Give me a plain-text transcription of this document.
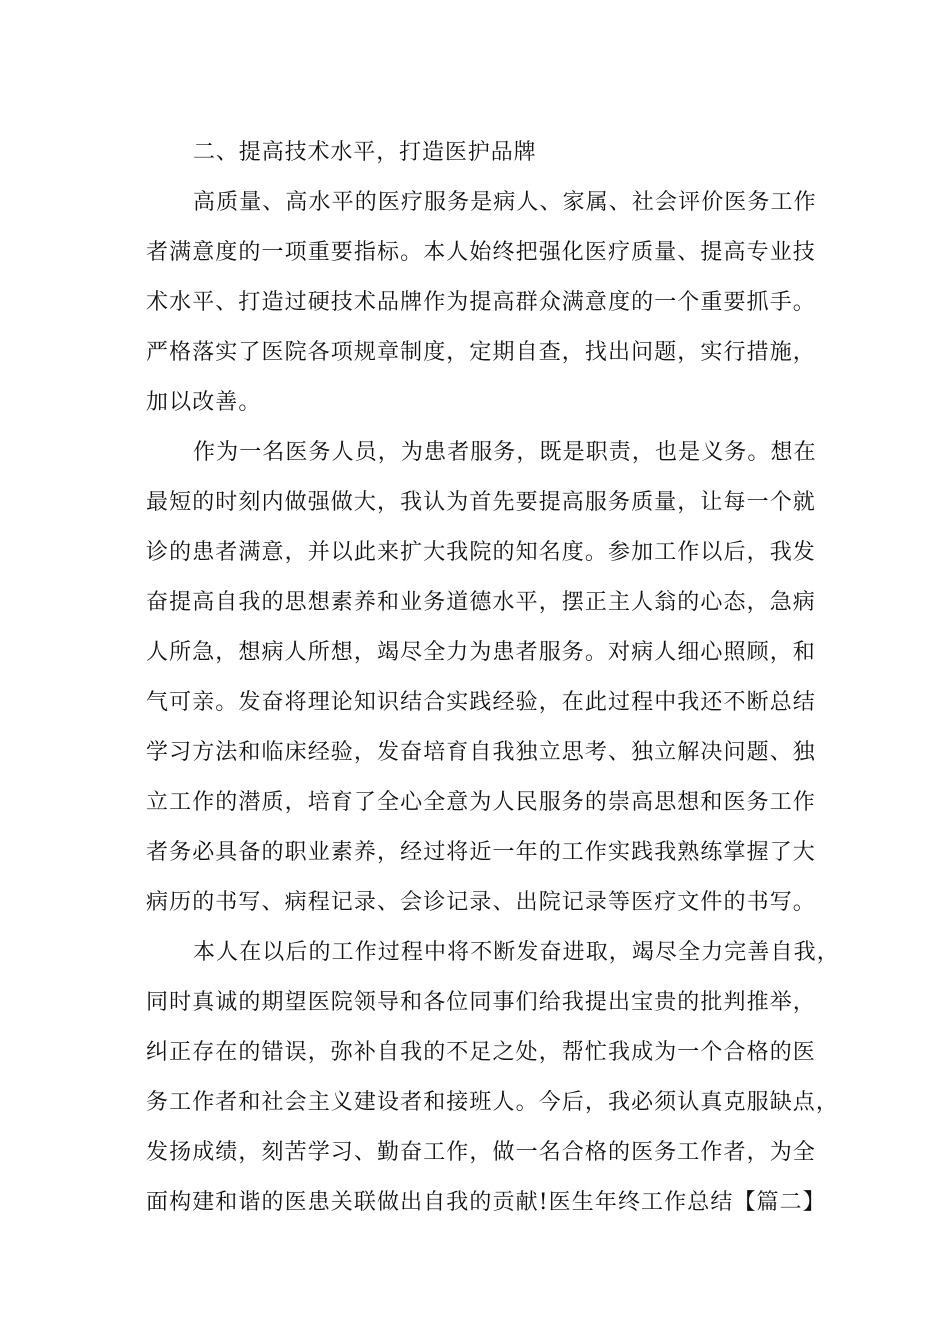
二、提高技术水平，打造医护品牌
高质量、高水平的医疗服务是病人、家属、社会评价医务工作
者满意度的一项重要指标。本人始终把强化医疗质量、提高专业技
术水平、打造过硬技术品牌作为提高群众满意度的一个重要抓手。
严格落实了医院各项规章制度，定期自查，找出问题，实行措施，
加以改善。
作为一名医务人员，为患者服务，既是职责，也是义务。想在
最短的时刻内做强做大，我认为首先要提高服务质量，让每一个就
诊的患者满意，并以此来扩大我院的知名度。参加工作以后，我发
奋提高自我的思想素养和业务道德水平，摆正主人翁的心态，急病
人所急，想病人所想，竭尽全力为患者服务。对病人细心照顾，和
气可亲。发奋将理论知识结合实践经验，在此过程中我还不断总结
学习方法和临床经验，发奋培育自我独立思考、独立解决问题、独
立工作的潜质，培育了全心全意为人民服务的崇高思想和医务工作
者务必具备的职业素养，经过将近一年的工作实践我熟练掌握了大
病历的书写、病程记录、会诊记录、出院记录等医疗文件的书写。
本人在以后的工作过程中将不断发奋进取，竭尽全力完善自我，
同时真诚的期望医院领导和各位同事们给我提出宝贵的批判推举，
纠正存在的错误，弥补自我的不足之处，帮忙我成为一个合格的医
务工作者和社会主义建设者和接班人。今后，我必须认真克服缺点，
发扬成绩，刻苦学习、勤奋工作，做一名合格的医务工作者，为全
面构建和谐的医患关联做出自我的贡献!医生年终工作总结【篇二】
